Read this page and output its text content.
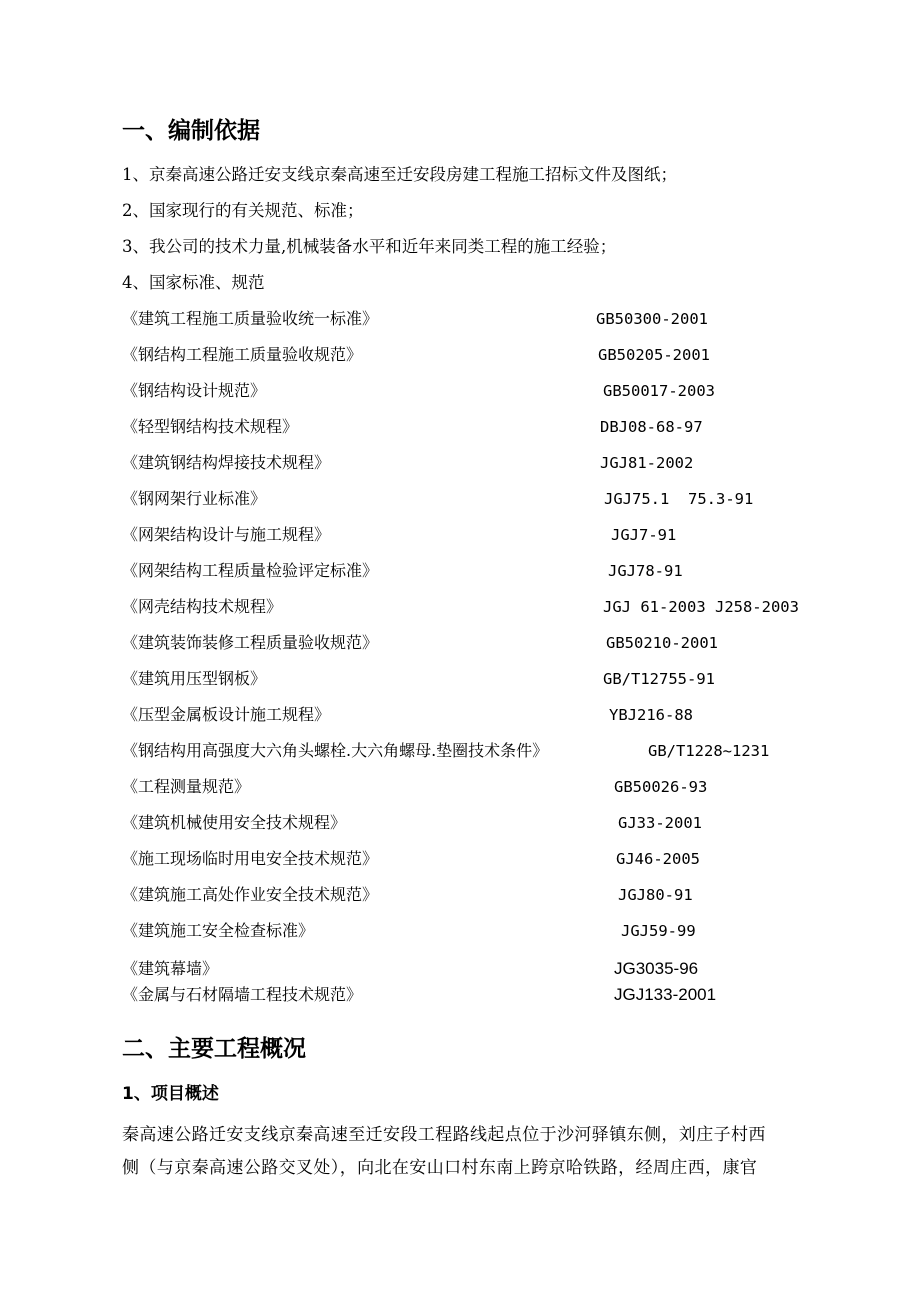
一、编制依据
1、京秦高速公路迁安支线京秦高速至迁安段房建工程施工招标文件及图纸；
2、国家现行的有关规范、标准；
3、我公司的技术力量,机械装备水平和近年来同类工程的施工经验；
4、国家标准、规范
《建筑工程施工质量验收统一标准》	GB50300-2001
《钢结构工程施工质量验收规范》	GB50205-2001
《钢结构设计规范》	GB50017-2003
《轻型钢结构技术规程》	DBJ08-68-97
《建筑钢结构焊接技术规程》	JGJ81-2002
《钢网架行业标准》	JGJ75.1  75.3-91
《网架结构设计与施工规程》	JGJ7-91
《网架结构工程质量检验评定标准》	JGJ78-91
《网壳结构技术规程》	JGJ 61-2003 J258-2003
《建筑装饰装修工程质量验收规范》	GB50210-2001
《建筑用压型钢板》	GB/T12755-91
《压型金属板设计施工规程》	YBJ216-88
《钢结构用高强度大六角头螺栓.大六角螺母.垫圈技术条件》	GB/T1228~1231
《工程测量规范》	GB50026-93
《建筑机械使用安全技术规程》	GJ33-2001
《施工现场临时用电安全技术规范》	GJ46-2005
《建筑施工高处作业安全技术规范》	JGJ80-91
《建筑施工安全检查标准》	JGJ59-99
《建筑幕墙》	JG3035-96
《金属与石材隔墙工程技术规范》	JGJ133-2001
二、主要工程概况
1、项目概述
秦高速公路迁安支线京秦高速至迁安段工程路线起点位于沙河驿镇东侧，刘庄子村西
侧（与京秦高速公路交叉处），向北在安山口村东南上跨京哈铁路，经周庄西，康官
